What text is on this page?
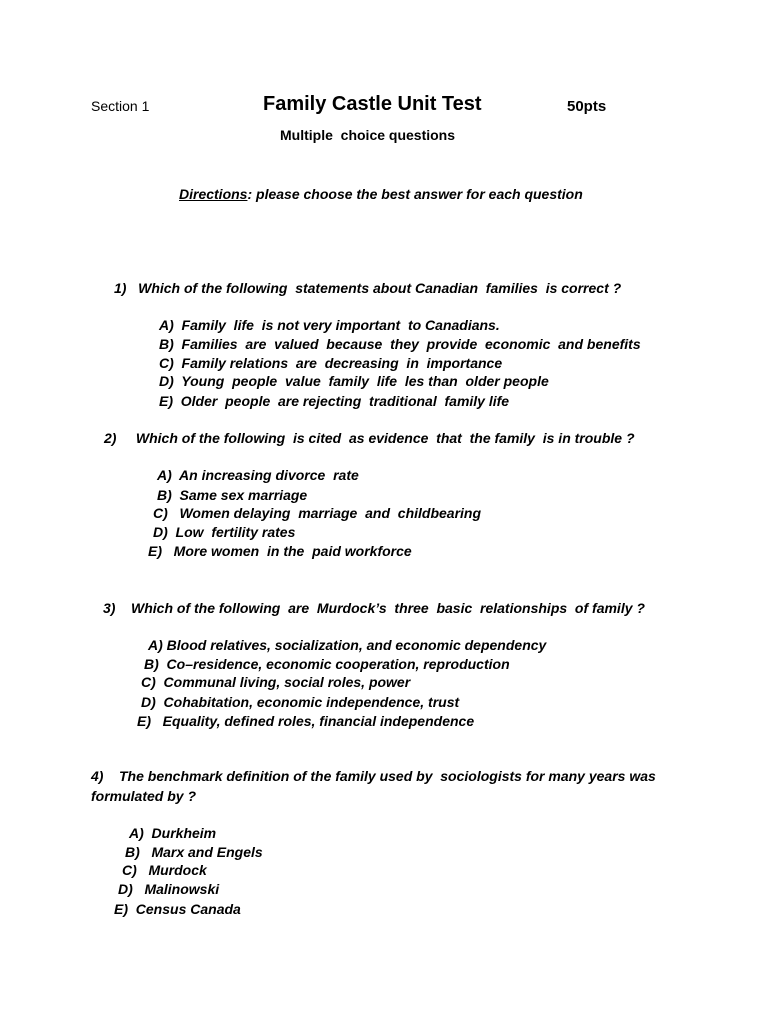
Section 1	Family Castle Unit Test	50pts
Multiple  choice questions
Directions: please choose the best answer for each question
1)   Which of the following  statements about Canadian  families  is correct ?
A)  Family  life  is not very important  to Canadians.
B)  Families  are  valued  because  they  provide  economic  and benefits
C)  Family relations  are  decreasing  in  importance
D)  Young  people  value  family  life  les than  older people
E)  Older  people  are rejecting  traditional  family life
2)     Which of the following  is cited  as evidence  that  the family  is in trouble ?
A)  An increasing divorce  rate
B)  Same sex marriage
C)   Women delaying  marriage  and  childbearing
D)  Low  fertility rates
E)   More women  in the  paid workforce
3)    Which of the following  are  Murdock’s  three  basic  relationships  of family ?
A) Blood relatives, socialization, and economic dependency
B)  Co–residence, economic cooperation, reproduction
C)  Communal living, social roles, power
D)  Cohabitation, economic independence, trust
E)   Equality, defined roles, financial independence
4)    The benchmark definition of the family used by  sociologists for many years was
formulated by ?
A)  Durkheim
B)   Marx and Engels
C)   Murdock
D)   Malinowski
E)  Census Canada
